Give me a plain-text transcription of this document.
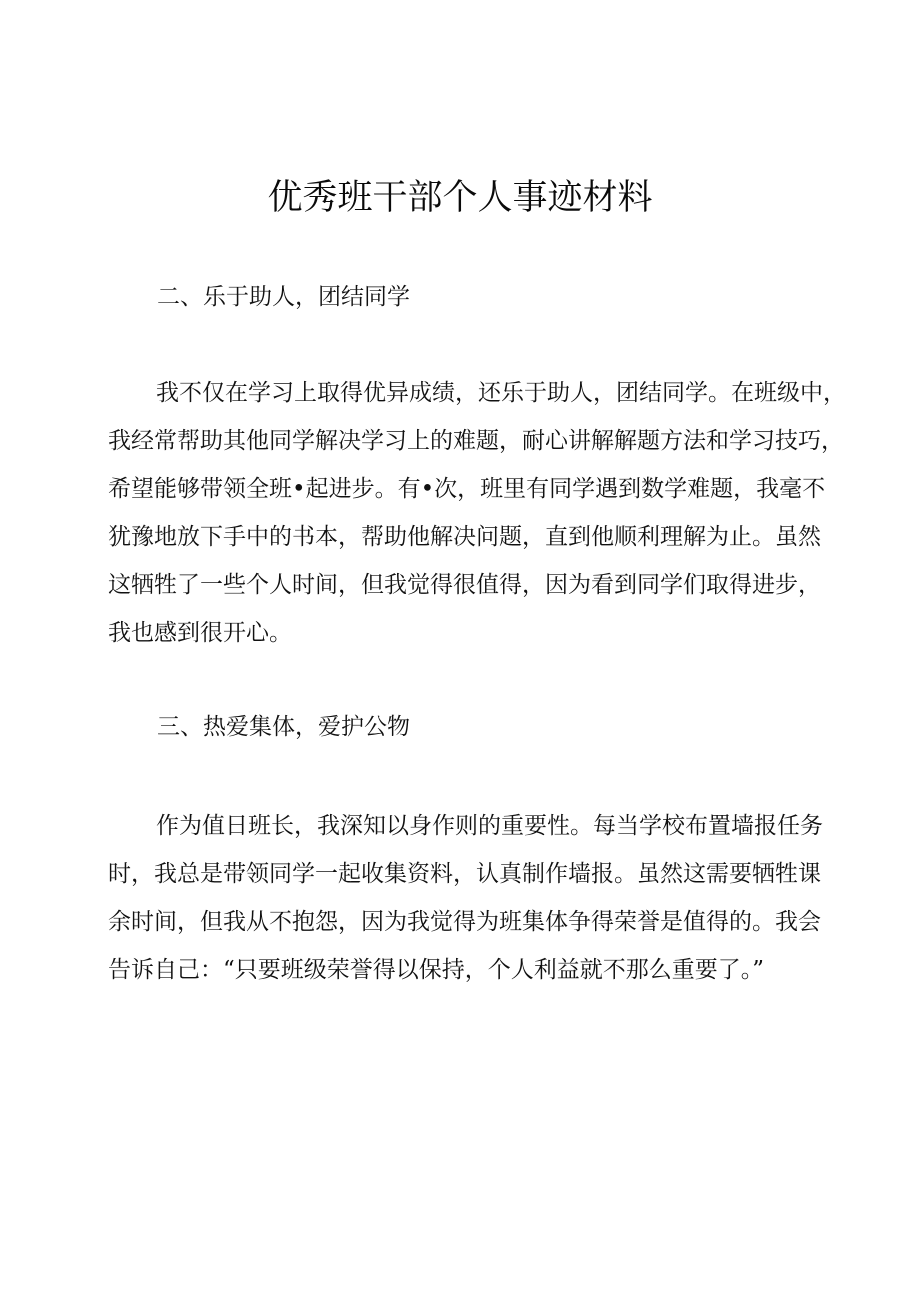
优秀班干部个人事迹材料
二、乐于助人，团结同学
我不仅在学习上取得优异成绩，还乐于助人，团结同学。在班级中，
我经常帮助其他同学解决学习上的难题，耐心讲解解题方法和学习技巧，
希望能够带领全班•起进步。有•次，班里有同学遇到数学难题，我毫不
犹豫地放下手中的书本，帮助他解决问题，直到他顺利理解为止。虽然
这牺牲了一些个人时间，但我觉得很值得，因为看到同学们取得进步，
我也感到很开心。
三、热爱集体，爱护公物
作为值日班长，我深知以身作则的重要性。每当学校布置墙报任务
时，我总是带领同学一起收集资料，认真制作墙报。虽然这需要牺牲课
余时间，但我从不抱怨，因为我觉得为班集体争得荣誉是值得的。我会
告诉自己：“只要班级荣誉得以保持，个人利益就不那么重要了。”
